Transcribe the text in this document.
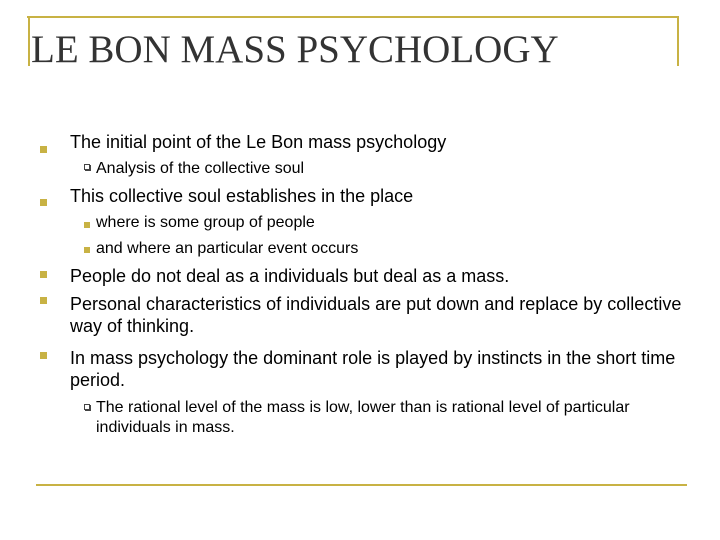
LE BON MASS PSYCHOLOGY
The initial point of the Le Bon mass psychology
Analysis of the collective soul
This collective soul establishes in the place
where is some group of people
and where an particular event occurs
People do not deal as a individuals but deal as a mass.
Personal characteristics of individuals are put down and replace by collective way of thinking.
In mass psychology the dominant role is played by instincts in the short time period.
The rational level of the mass is low, lower than is rational level of particular individuals in mass.
